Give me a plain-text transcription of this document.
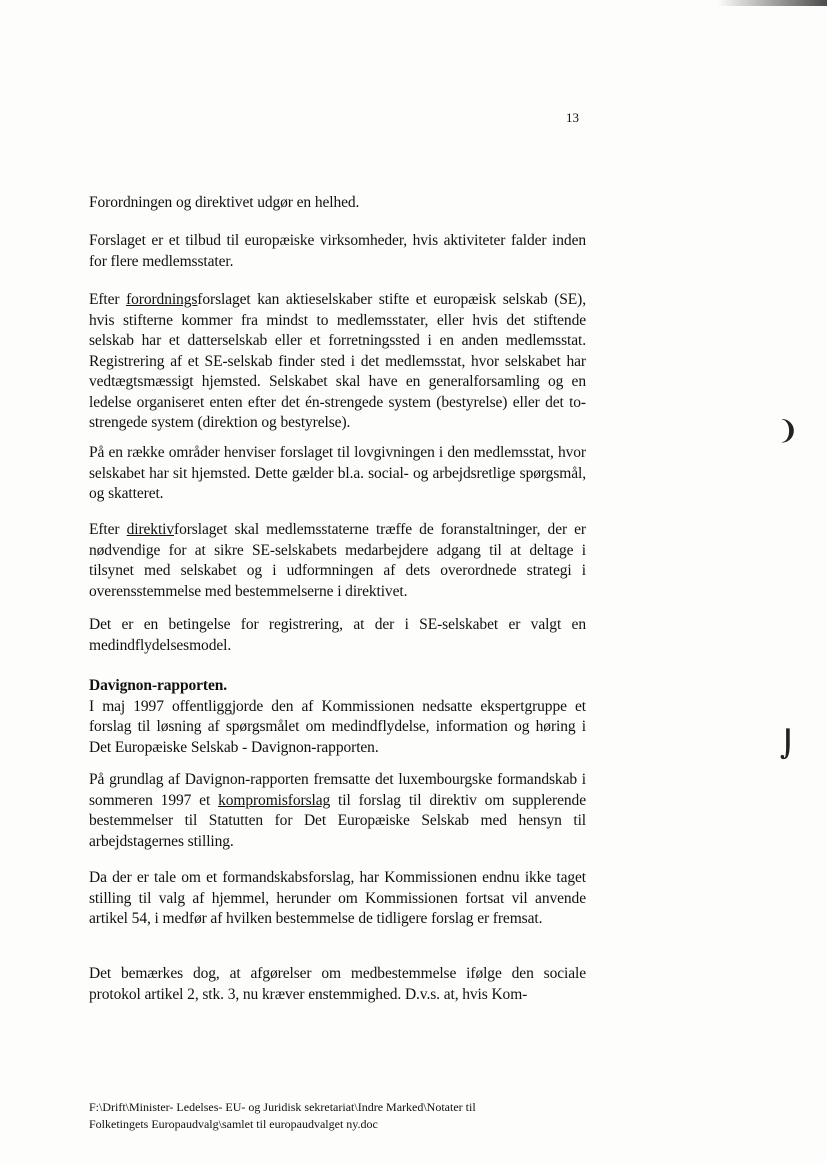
13

Forordningen og direktivet udgør en helhed.

Forslaget er et tilbud til europæiske virksomheder, hvis aktiviteter falder inden for flere medlemsstater.

Efter forordningsforslaget kan aktieselskaber stifte et europæisk selskab (SE), hvis stifterne kommer fra mindst to medlemsstater, eller hvis det stiftende selskab har et datterselskab eller et forretningssted i en anden medlemsstat. Registrering af et SE-selskab finder sted i det medlemsstat, hvor selskabet har vedtægtsmæssigt hjemsted. Selskabet skal have en generalforsamling og en ledelse organiseret enten efter det én-strengede system (bestyrelse) eller det to-strengede system (direktion og bestyrelse).

På en række områder henviser forslaget til lovgivningen i den medlemsstat, hvor selskabet har sit hjemsted. Dette gælder bl.a. social- og arbejdsretlige spørgsmål, og skatteret.

Efter direktivforslaget skal medlemsstaterne træffe de foranstaltninger, der er nødvendige for at sikre SE-selskabets medarbejdere adgang til at deltage i tilsynet med selskabet og i udformningen af dets overordnede strategi i overensstemmelse med bestemmelserne i direktivet.

Det er en betingelse for registrering, at der i SE-selskabet er valgt en medindflydelsesmodel.

Davignon-rapporten.

I maj 1997 offentliggjorde den af Kommissionen nedsatte ekspertgruppe et forslag til løsning af spørgsmålet om medindflydelse, information og høring i Det Europæiske Selskab - Davignon-rapporten.

På grundlag af Davignon-rapporten fremsatte det luxembourgske formandskab i sommeren 1997 et kompromisforslag til forslag til direktiv om supplerende bestemmelser til Statutten for Det Europæiske Selskab med hensyn til arbejdstagernes stilling.

Da der er tale om et formandskabsforslag, har Kommissionen endnu ikke taget stilling til valg af hjemmel, herunder om Kommissionen fortsat vil anvende artikel 54, i medfør af hvilken bestemmelse de tidligere forslag er fremsat.

Det bemærkes dog, at afgørelser om medbestemmelse ifølge den sociale protokol artikel 2, stk. 3, nu kræver enstemmighed. D.v.s. at, hvis Kom-

❩
⌡
F:\Drift\Minister- Ledelses- EU- og Juridisk sekretariat\Indre Marked\Notater til
Folketingets Europaudvalg\samlet til europaudvalget ny.doc
